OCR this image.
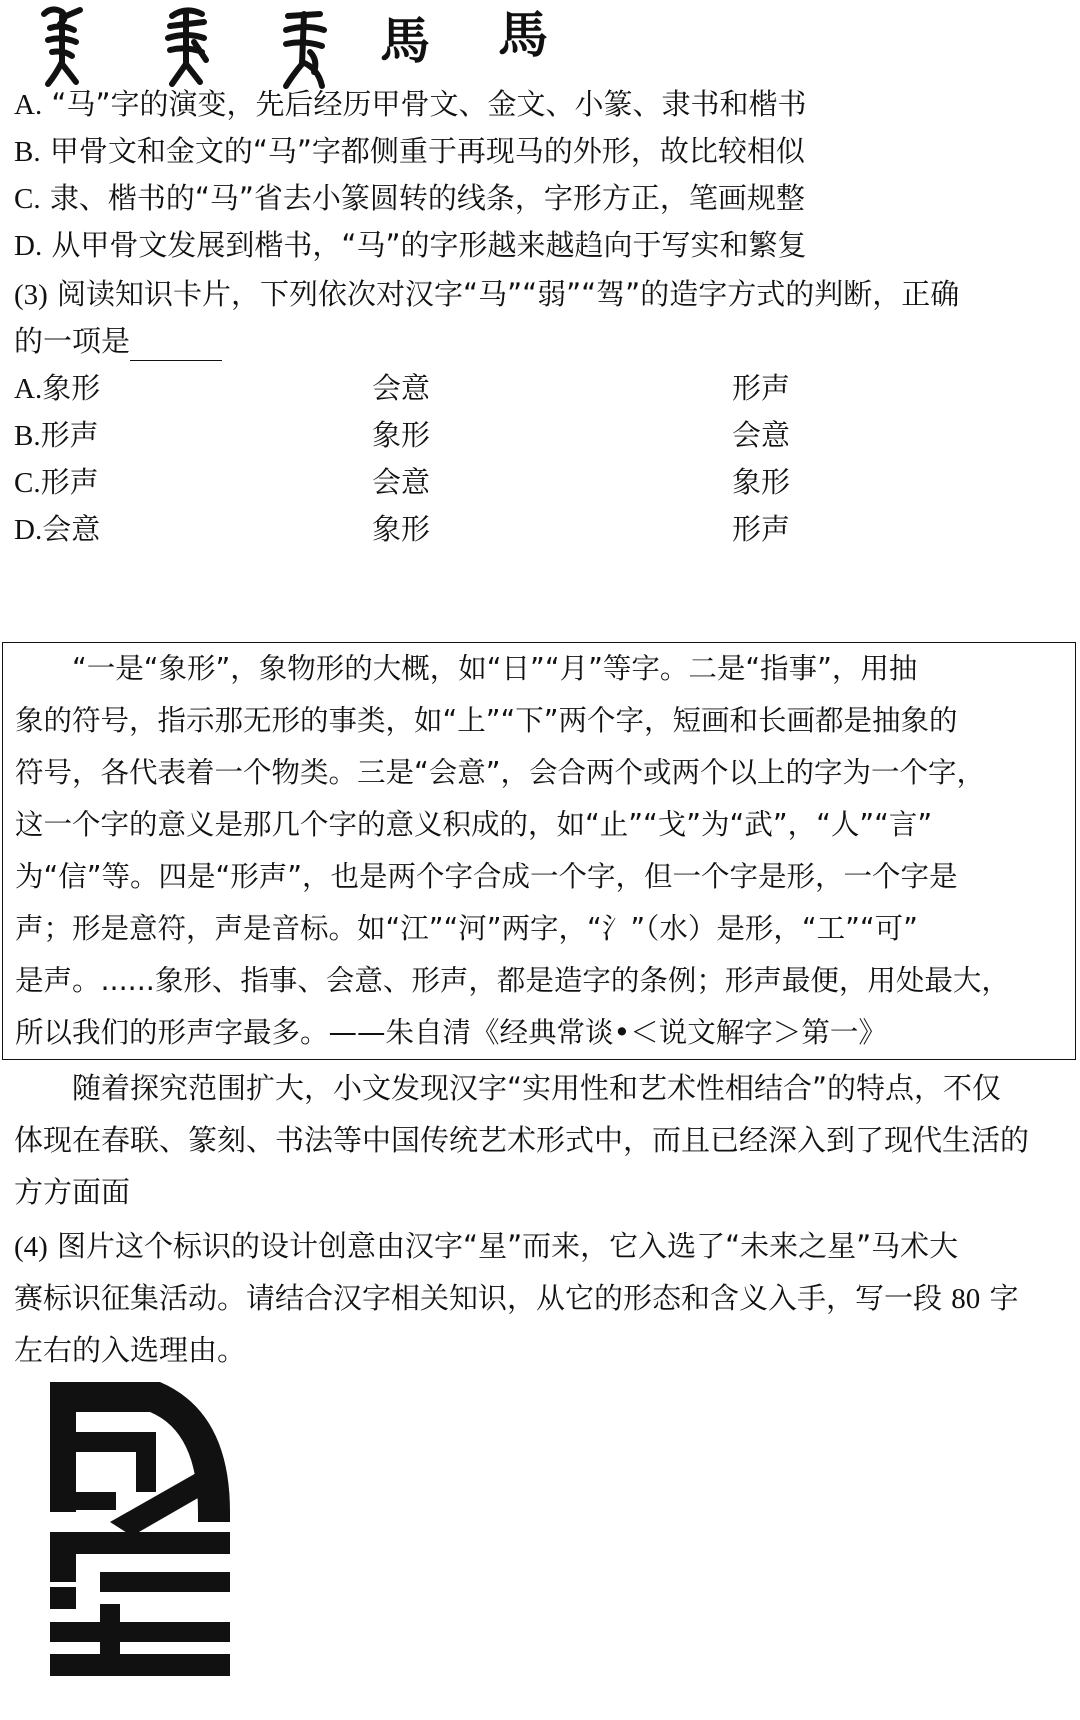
馬 馬
A. “马”字的演变，先后经历甲骨文、金文、小篆、隶书和楷书
B. 甲骨文和金文的“马”字都侧重于再现马的外形，故比较相似
C. 隶、楷书的“马”省去小篆圆转的线条，字形方正，笔画规整
D. 从甲骨文发展到楷书，“马”的字形越来越趋向于写实和繁复
(3) 阅读知识卡片，下列依次对汉字“马”“弱”“驾”的造字方式的判断，正确
的一项是
A.象形	会意	形声
B.形声	象形	会意
C.形声	会意	象形
D.会意	象形	形声
　　“一是“象形”，象物形的大概，如“日”“月”等字。二是“指事”，用抽
象的符号，指示那无形的事类，如“上”“下”两个字，短画和长画都是抽象的
符号，各代表着一个物类。三是“会意”，会合两个或两个以上的字为一个字，
这一个字的意义是那几个字的意义积成的，如“止”“戈”为“武”，“人”“言”
为“信”等。四是“形声”，也是两个字合成一个字，但一个字是形，一个字是
声；形是意符，声是音标。如“江”“河”两字，“氵”（水）是形，“工”“可”
是声。......象形、指事、会意、形声，都是造字的条例；形声最便，用处最大，
所以我们的形声字最多。——朱自清《经典常谈•＜说文解字＞第一》
　　随着探究范围扩大，小文发现汉字“实用性和艺术性相结合”的特点，不仅
体现在春联、篆刻、书法等中国传统艺术形式中，而且已经深入到了现代生活的
方方面面
(4) 图片这个标识的设计创意由汉字“星”而来，它入选了“未来之星”马术大
赛标识征集活动。请结合汉字相关知识，从它的形态和含义入手，写一段 80 字
左右的入选理由。
